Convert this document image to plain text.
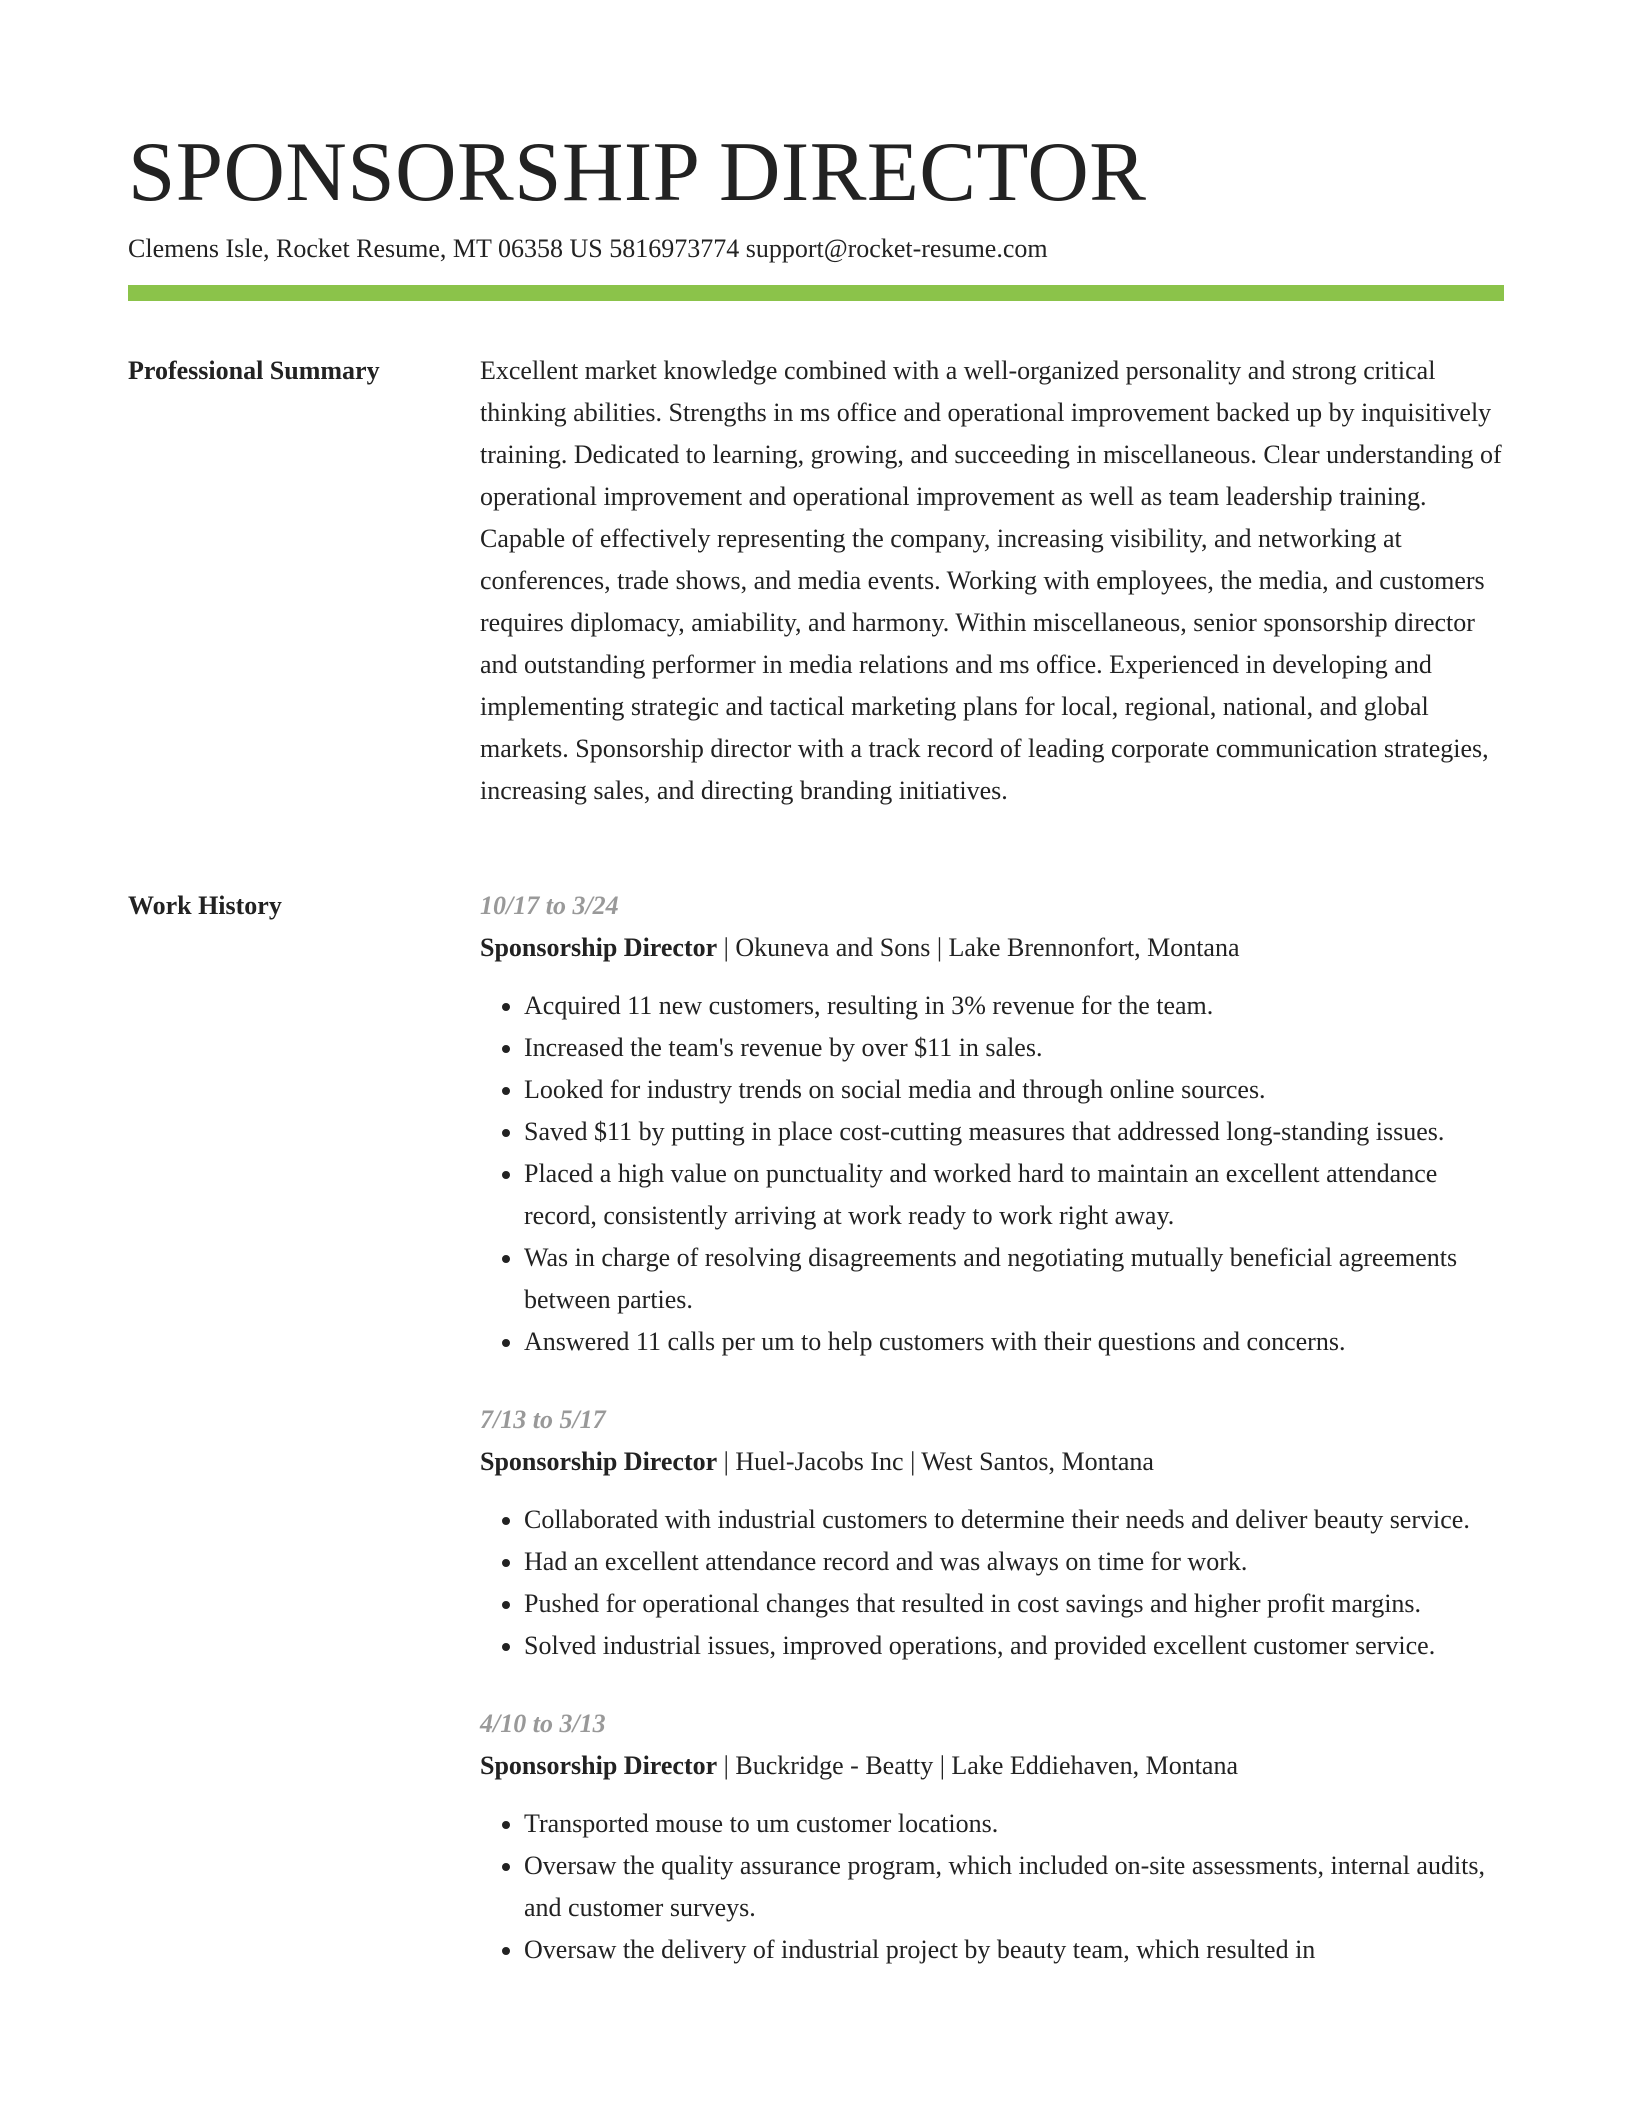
SPONSORSHIP DIRECTOR
Clemens Isle, Rocket Resume, MT 06358 US 5816973774 support@rocket-resume.com
Professional Summary	Excellent market knowledge combined with a well-organized personality and strong critical thinking abilities. Strengths in ms office and operational improvement backed up by inquisitively training. Dedicated to learning, growing, and succeeding in miscellaneous. Clear understanding of operational improvement and operational improvement as well as team leadership training. Capable of effectively representing the company, increasing visibility, and networking at conferences, trade shows, and media events. Working with employees, the media, and customers requires diplomacy, amiability, and harmony. Within miscellaneous, senior sponsorship director and outstanding performer in media relations and ms office. Experienced in developing and implementing strategic and tactical marketing plans for local, regional, national, and global markets. Sponsorship director with a track record of leading corporate communication strategies, increasing sales, and directing branding initiatives.

Work History	10/17 to 3/24
Sponsorship Director | Okuneva and Sons | Lake Brennonfort, Montana
• Acquired 11 new customers, resulting in 3% revenue for the team.
• Increased the team's revenue by over $11 in sales.
• Looked for industry trends on social media and through online sources.
• Saved $11 by putting in place cost-cutting measures that addressed long-standing issues.
• Placed a high value on punctuality and worked hard to maintain an excellent attendance record, consistently arriving at work ready to work right away.
• Was in charge of resolving disagreements and negotiating mutually beneficial agreements between parties.
• Answered 11 calls per um to help customers with their questions and concerns.
7/13 to 5/17
Sponsorship Director | Huel-Jacobs Inc | West Santos, Montana
• Collaborated with industrial customers to determine their needs and deliver beauty service.
• Had an excellent attendance record and was always on time for work.
• Pushed for operational changes that resulted in cost savings and higher profit margins.
• Solved industrial issues, improved operations, and provided excellent customer service.
4/10 to 3/13
Sponsorship Director | Buckridge - Beatty | Lake Eddiehaven, Montana
• Transported mouse to um customer locations.
• Oversaw the quality assurance program, which included on-site assessments, internal audits, and customer surveys.
• Oversaw the delivery of industrial project by beauty team, which resulted in
